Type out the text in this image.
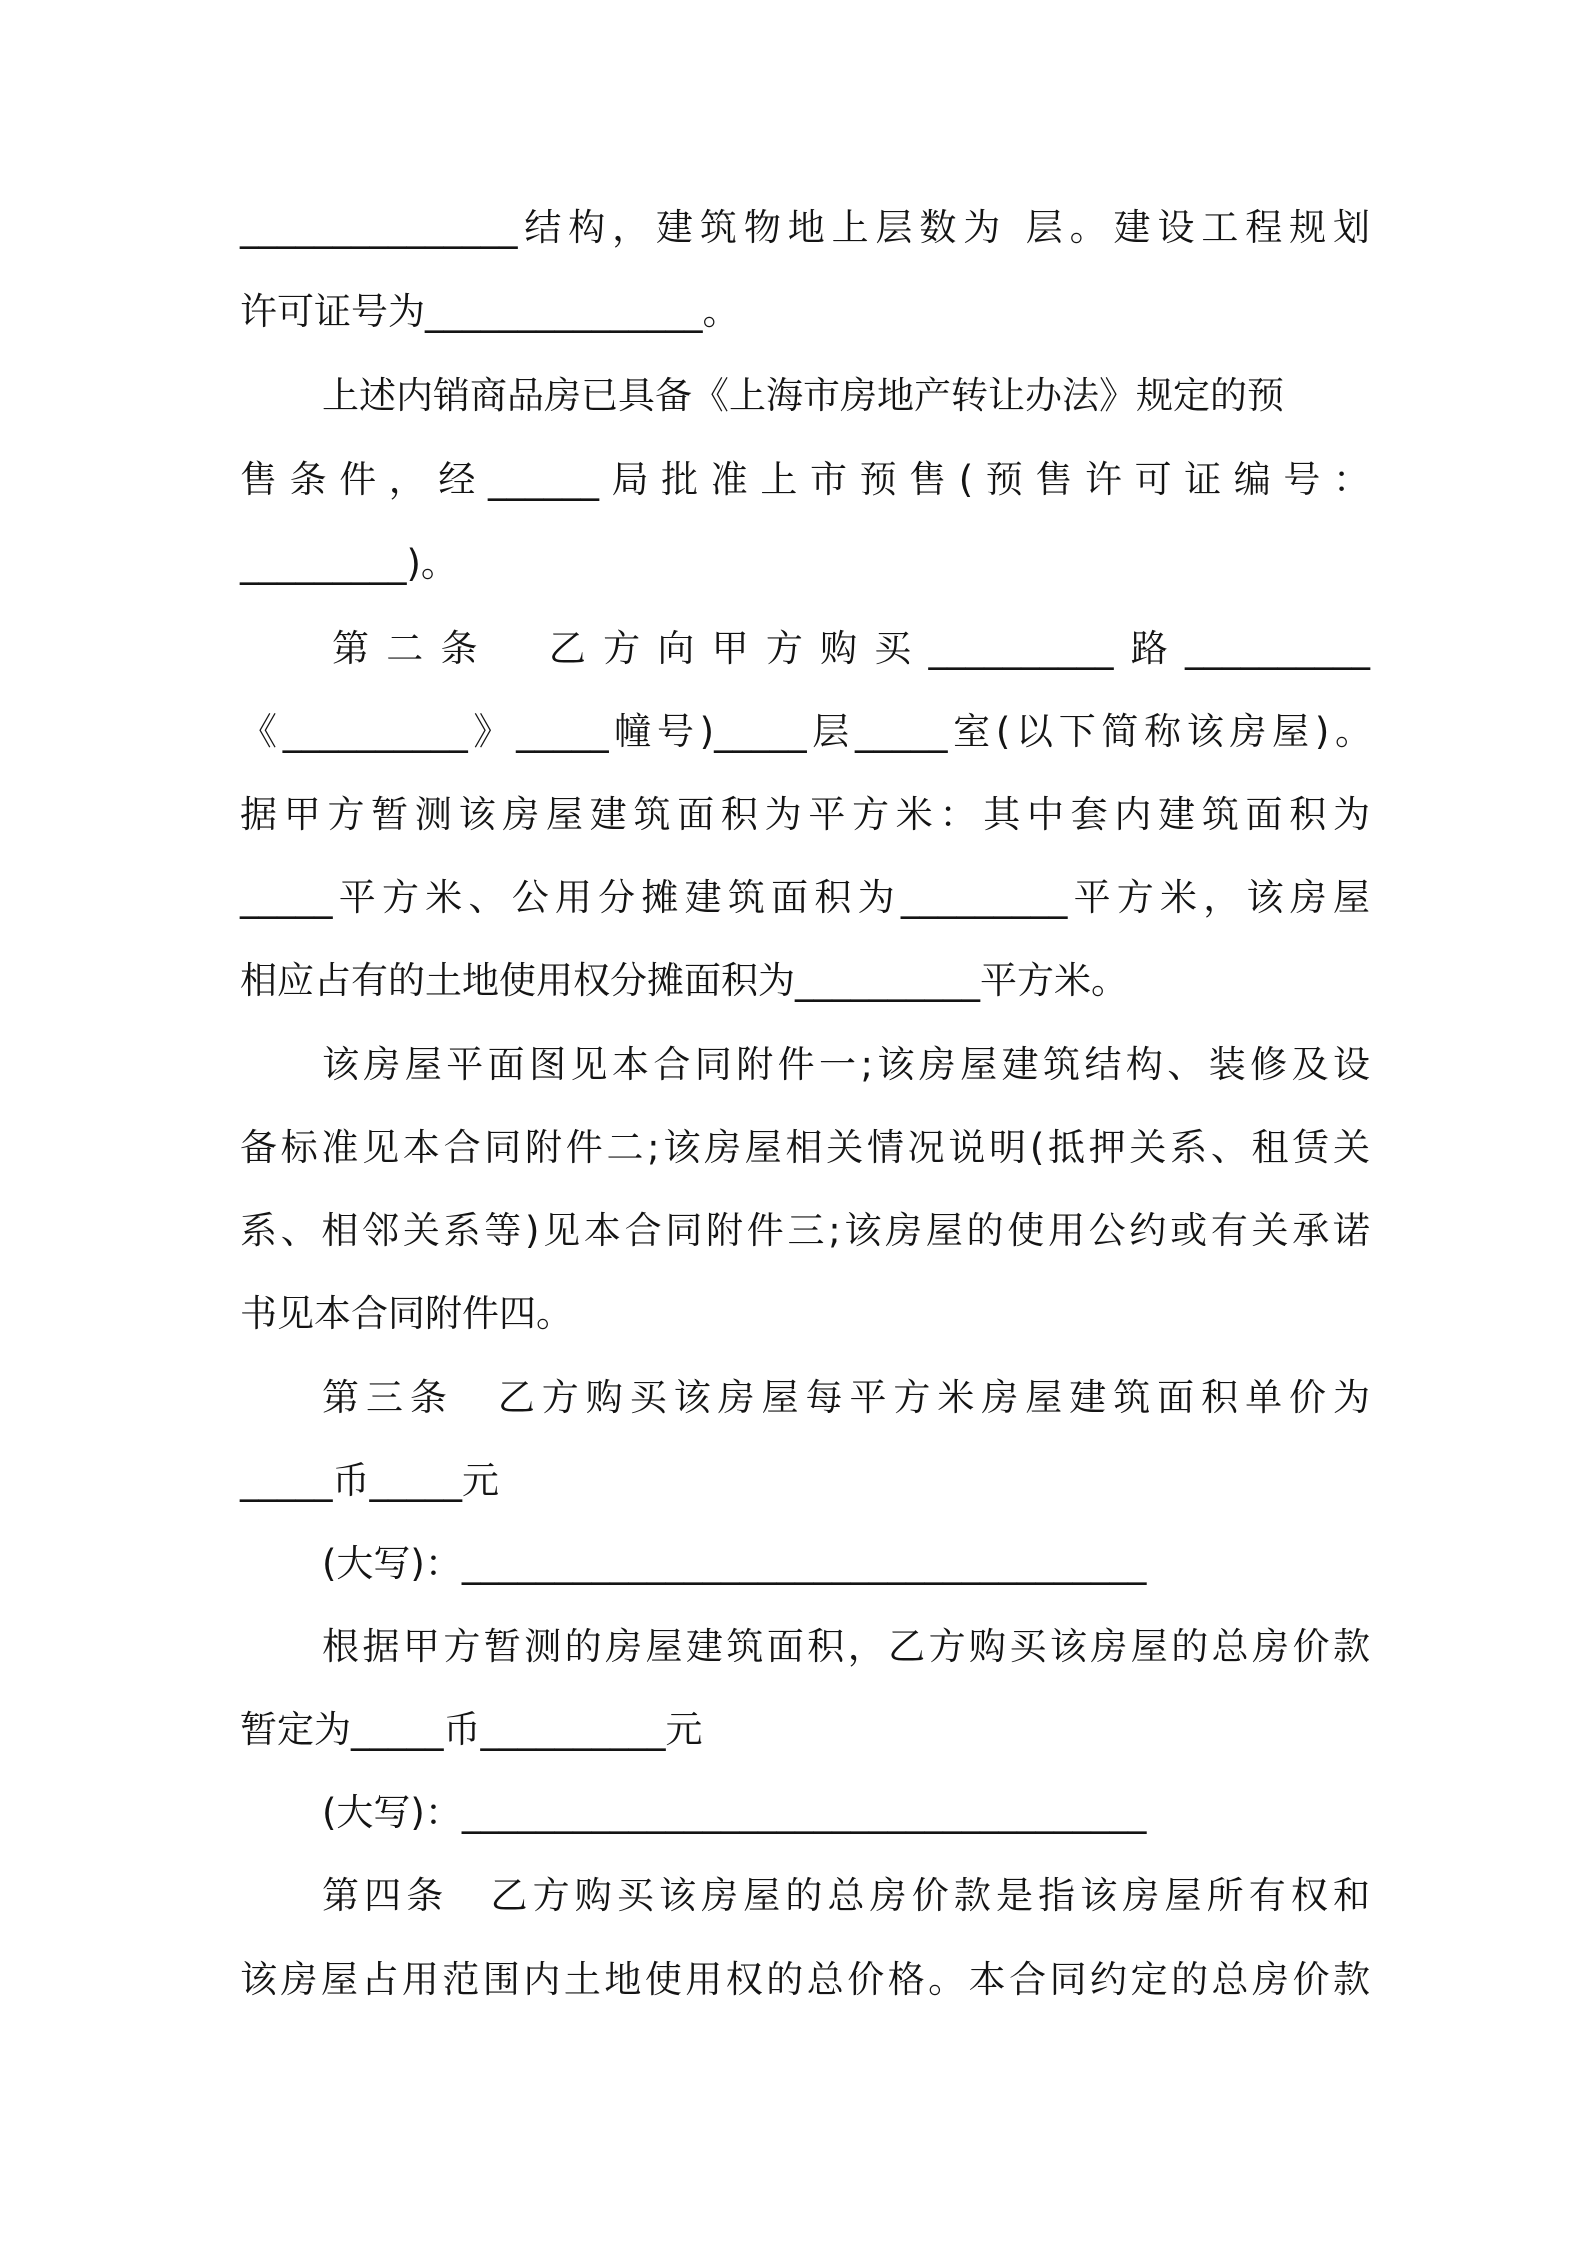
_______________结构，建筑物地上层数为 层。建设工程规划
许可证号为_______________。
上述内销商品房已具备《上海市房地产转让办法》规定的预
售条件，经______局批准上市预售(预售许可证编号：
_________)。
第二条　乙方向甲方购买__________路__________
《__________》_____幢号)_____层_____室(以下简称该房屋)。
据甲方暂测该房屋建筑面积为平方米：其中套内建筑面积为
_____平方米、公用分摊建筑面积为_________平方米，该房屋
相应占有的土地使用权分摊面积为__________平方米。
该房屋平面图见本合同附件一;该房屋建筑结构、装修及设
备标准见本合同附件二;该房屋相关情况说明(抵押关系、租赁关
系、相邻关系等)见本合同附件三;该房屋的使用公约或有关承诺
书见本合同附件四。
第三条　乙方购买该房屋每平方米房屋建筑面积单价为
_____币_____元
(大写)：_____________________________________
根据甲方暂测的房屋建筑面积，乙方购买该房屋的总房价款
暂定为_____币__________元
(大写)：_____________________________________
第四条　乙方购买该房屋的总房价款是指该房屋所有权和
该房屋占用范围内土地使用权的总价格。本合同约定的总房价款
